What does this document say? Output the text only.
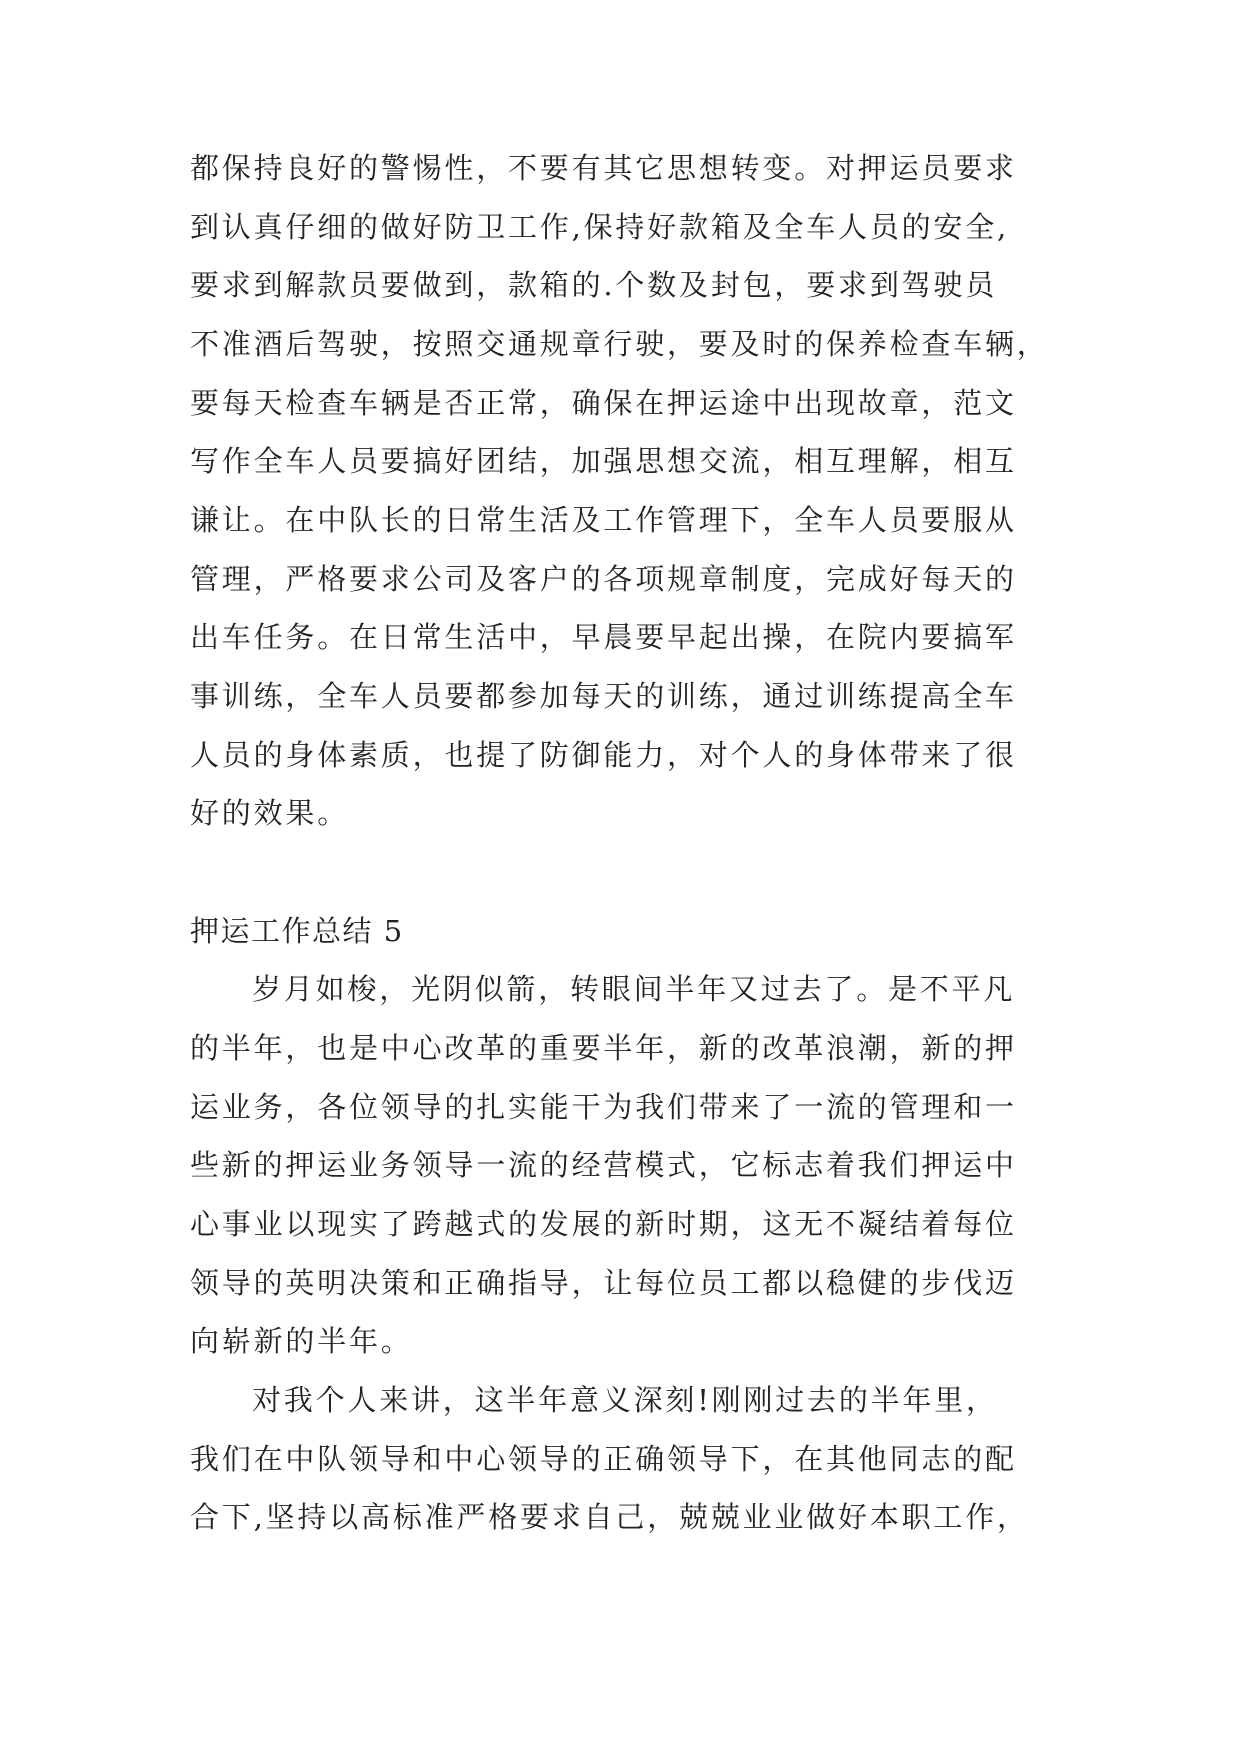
都保持良好的警惕性，不要有其它思想转变。对押运员要求
到认真仔细的做好防卫工作,保持好款箱及全车人员的安全,
要求到解款员要做到，款箱的.个数及封包，要求到驾驶员
不准酒后驾驶，按照交通规章行驶，要及时的保养检查车辆，
要每天检查车辆是否正常，确保在押运途中出现故章，范文
写作全车人员要搞好团结，加强思想交流，相互理解，相互
谦让。在中队长的日常生活及工作管理下，全车人员要服从
管理，严格要求公司及客户的各项规章制度，完成好每天的
出车任务。在日常生活中，早晨要早起出操，在院内要搞军
事训练，全车人员要都参加每天的训练，通过训练提高全车
人员的身体素质，也提了防御能力，对个人的身体带来了很
好的效果。
押运工作总结 5
岁月如梭，光阴似箭，转眼间半年又过去了。是不平凡
的半年，也是中心改革的重要半年，新的改革浪潮，新的押
运业务，各位领导的扎实能干为我们带来了一流的管理和一
些新的押运业务领导一流的经营模式，它标志着我们押运中
心事业以现实了跨越式的发展的新时期，这无不凝结着每位
领导的英明决策和正确指导，让每位员工都以稳健的步伐迈
向崭新的半年。
对我个人来讲，这半年意义深刻!刚刚过去的半年里，
我们在中队领导和中心领导的正确领导下，在其他同志的配
合下,坚持以高标准严格要求自己，兢兢业业做好本职工作，
